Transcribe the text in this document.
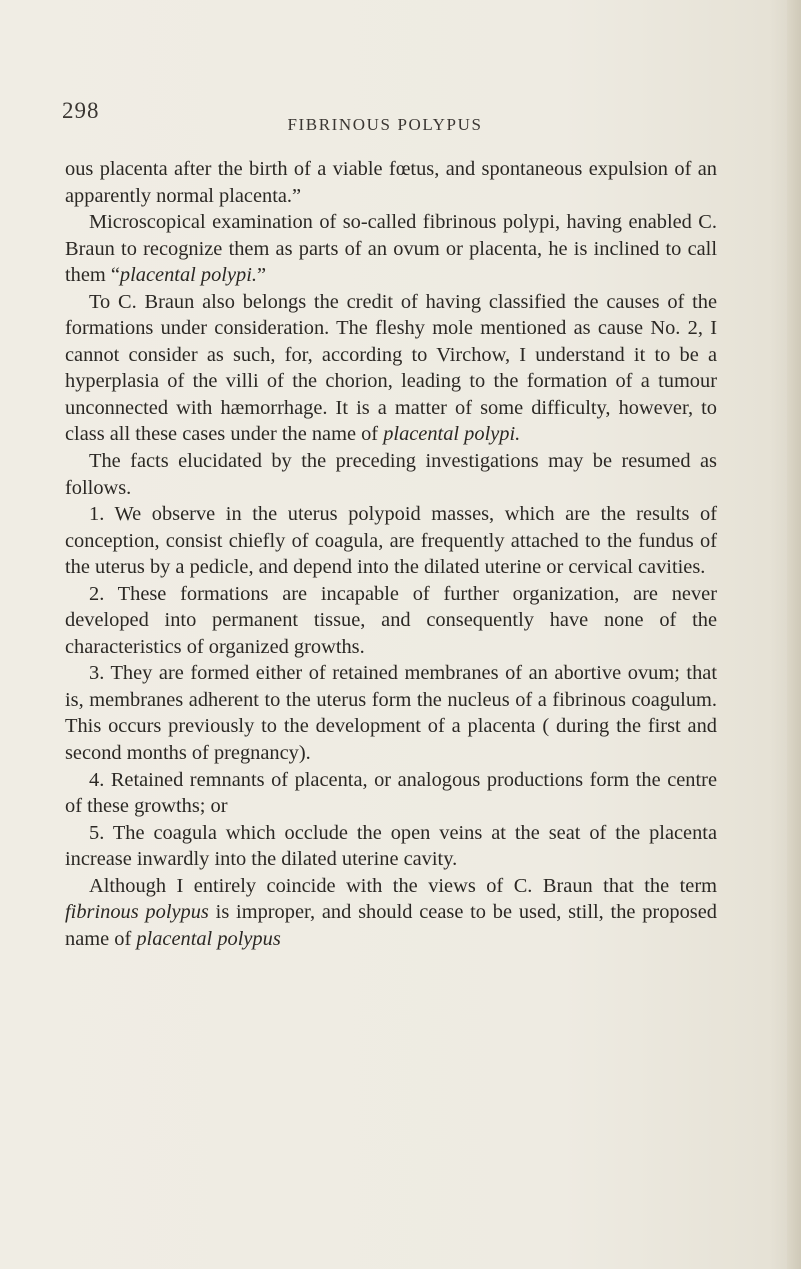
298
FIBRINOUS POLYPUS

ous placenta after the birth of a viable fœtus, and spontaneous expulsion of an apparently normal placenta.”

Microscopical examination of so-called fibrinous polypi, having enabled C. Braun to recognize them as parts of an ovum or placenta, he is inclined to call them “placental polypi.”

To C. Braun also belongs the credit of having classified the causes of the formations under consideration. The fleshy mole mentioned as cause No. 2, I cannot consider as such, for, according to Virchow, I understand it to be a hyperplasia of the villi of the chorion, leading to the formation of a tumour unconnected with hæmorrhage. It is a matter of some difficulty, however, to class all these cases under the name of placental polypi.

The facts elucidated by the preceding investigations may be resumed as follows.

1. We observe in the uterus polypoid masses, which are the results of conception, consist chiefly of coagula, are frequently attached to the fundus of the uterus by a pedicle, and depend into the dilated uterine or cervical cavities.

2. These formations are incapable of further organization, are never developed into permanent tissue, and consequently have none of the characteristics of organized growths.

3. They are formed either of retained membranes of an abortive ovum; that is, membranes adherent to the uterus form the nucleus of a fibrinous coagulum. This occurs previously to the development of a placenta ( during the first and second months of pregnancy).

4. Retained remnants of placenta, or analogous productions form the centre of these growths; or

5. The coagula which occlude the open veins at the seat of the placenta increase inwardly into the dilated uterine cavity.

Although I entirely coincide with the views of C. Braun that the term fibrinous polypus is improper, and should cease to be used, still, the proposed name of placental polypus
